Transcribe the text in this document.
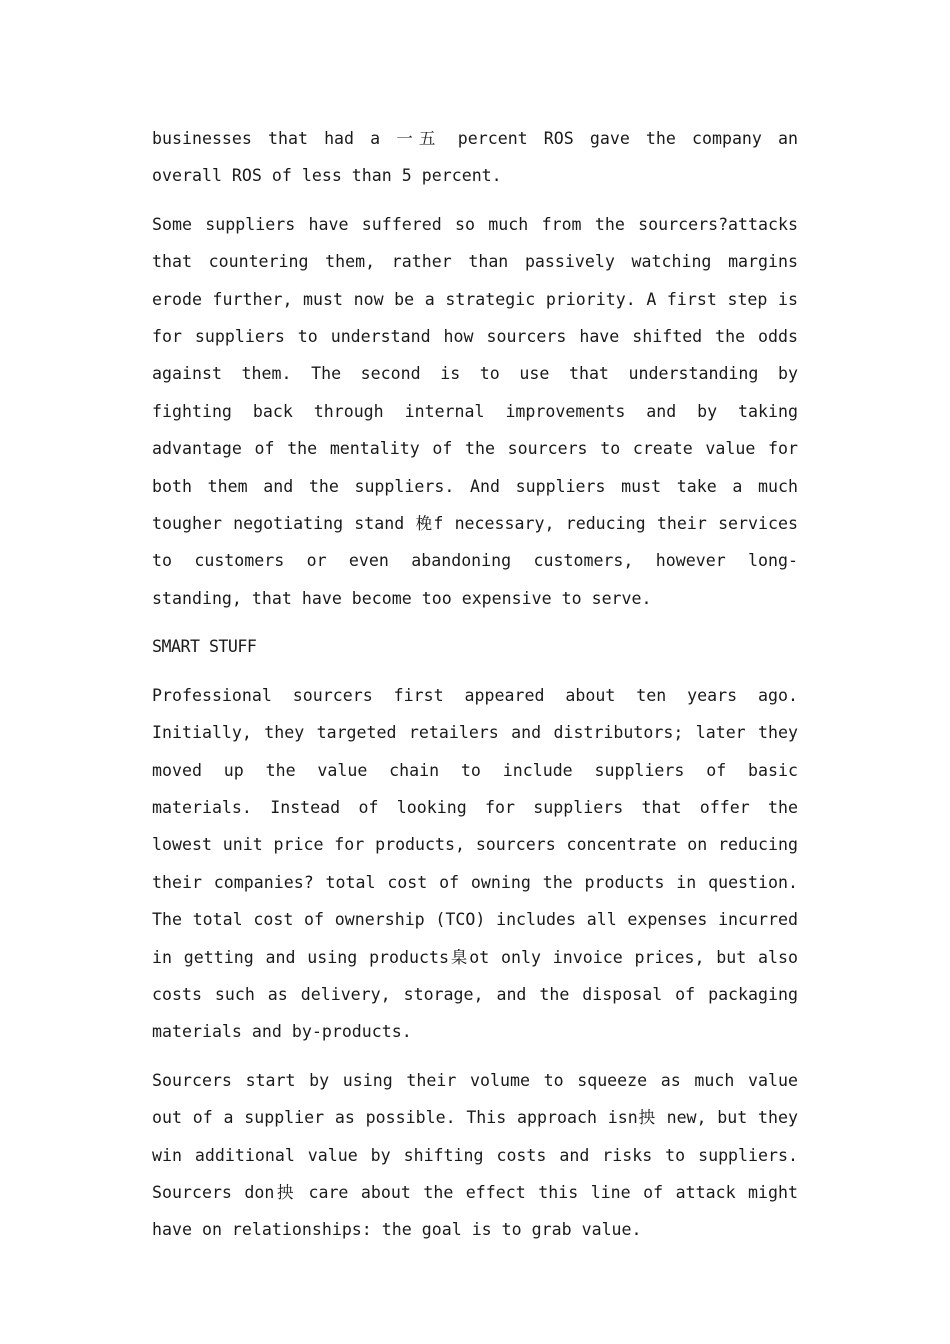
businesses that had a 一五 percent ROS gave the company an overall ROS of less than 5 percent.

Some suppliers have suffered so much from the sourcers?attacks that countering them, rather than passively watching margins erode further, must now be a strategic priority. A first step is for suppliers to understand how sourcers have shifted the odds against them. The second is to use that understanding by fighting back through internal improvements and by taking advantage of the mentality of the sourcers to create value for both them and the suppliers. And suppliers must take a much tougher negotiating stand 梚f necessary, reducing their services to customers or even abandoning customers, however long-standing, that have become too expensive to serve.

SMART STUFF

Professional sourcers first appeared about ten years ago. Initially, they targeted retailers and distributors; later they moved up the value chain to include suppliers of basic materials. Instead of looking for suppliers that offer the lowest unit price for products, sourcers concentrate on reducing their companies? total cost of owning the products in question. The total cost of ownership (TCO) includes all expenses incurred in getting and using products臬ot only invoice prices, but also costs such as delivery, storage, and the disposal of packaging materials and by-products.

Sourcers start by using their volume to squeeze as much value out of a supplier as possible. This approach isn抰 new, but they win additional value by shifting costs and risks to suppliers. Sourcers don抰 care about the effect this line of attack might have on relationships: the goal is to grab value.
